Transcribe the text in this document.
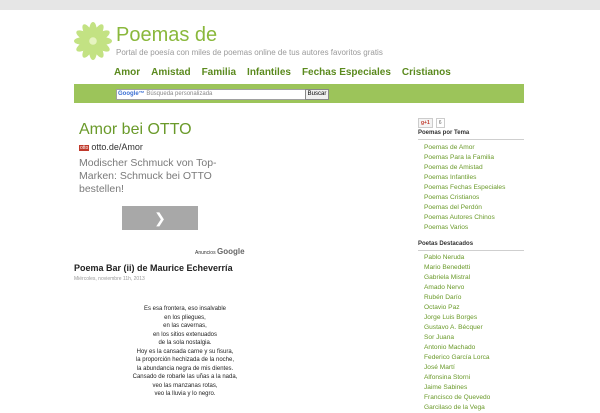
Poemas de
Portal de poesía con miles de poemas online de tus autores favoritos gratis
Amor Amistad Familia Infantiles Fechas Especiales Cristianos
Google™ Búsqueda personalizada	Buscar
Amor bei OTTO
otto otto.de/Amor
Modischer Schmuck von Top-Marken: Schmuck bei OTTO bestellen!
❯
Anuncios Google
Poema Bar (ii) de Maurice Echeverría
Miércoles, noviembre 11h, 2013
Es esa frontera, eso insalvable
en los pliegues,
en las cavernas,
en los sitios extenuados
de la sola nostalgia.
Hoy es la cansada carne y su fisura,
la proporción hechizada de la noche,
la abundancia negra de mis dientes.
Cansado de robarle las uñas a la nada,
veo las manzanas rotas,
veo la lluvia y lo negro.
g+1	6
Poemas por Tema
Poemas de Amor
Poemas Para la Familia
Poemas de Amistad
Poemas Infantiles
Poemas Fechas Especiales
Poemas Cristianos
Poemas del Perdón
Poemas Autores Chinos
Poemas Varios
Poetas Destacados
Pablo Neruda
Mario Benedetti
Gabriela Mistral
Amado Nervo
Rubén Darío
Octavio Paz
Jorge Luis Borges
Gustavo A. Bécquer
Sor Juana
Antonio Machado
Federico García Lorca
José Martí
Alfonsina Storni
Jaime Sabines
Francisco de Quevedo
Garcilaso de la Vega
